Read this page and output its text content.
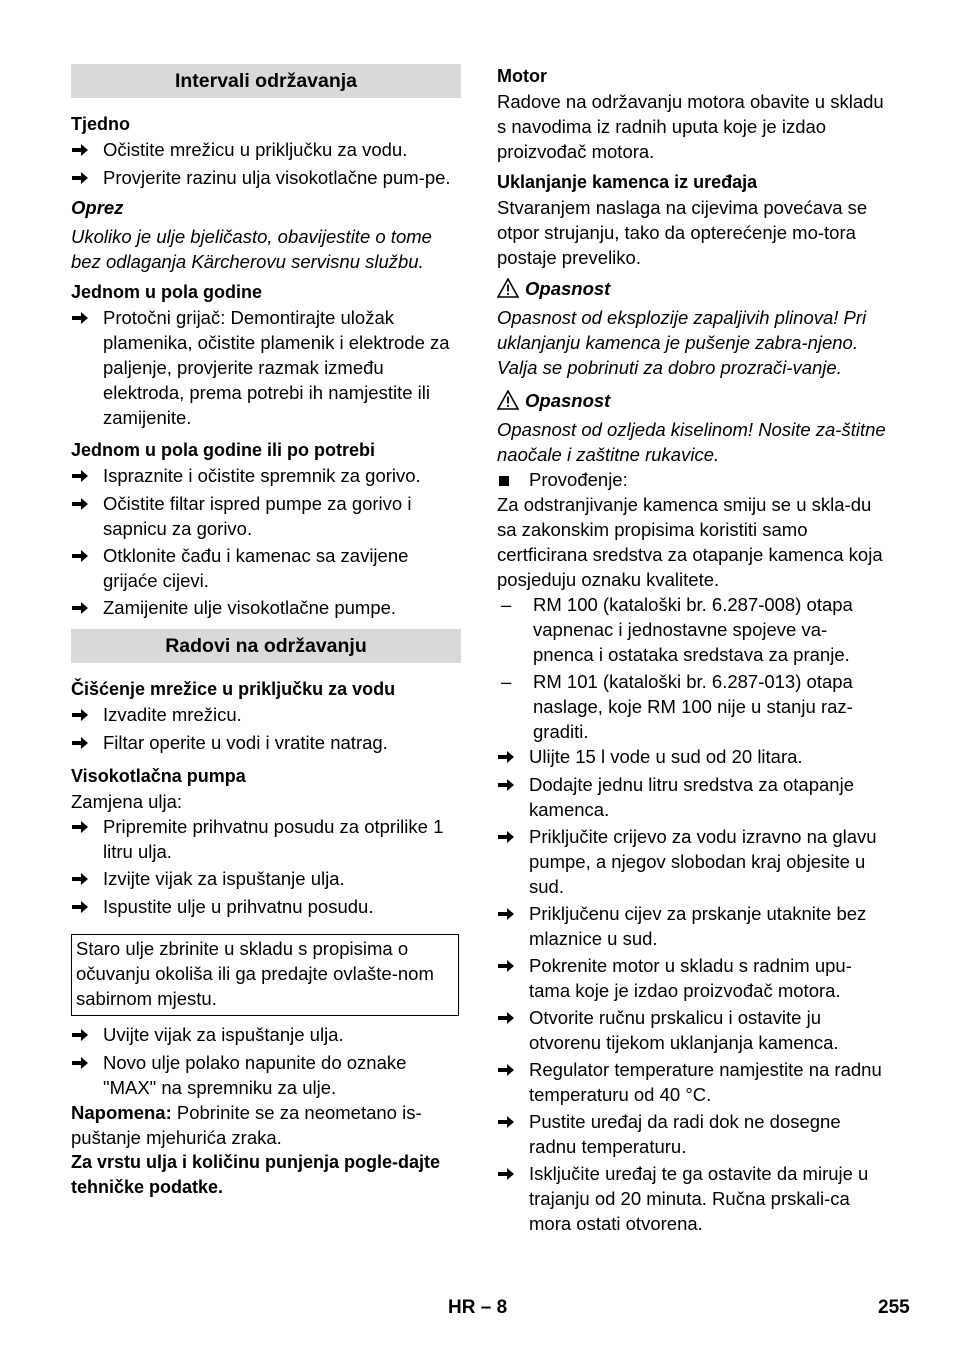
Intervali održavanja
Tjedno
Očistite mrežicu u priključku za vodu.
Provjerite razinu ulja visokotlačne pum-pe.

Oprez

Ukoliko je ulje bjeličasto, obavijestite o tome bez odlaganja Kärcherovu servisnu službu.

Jednom u pola godine
Protočni grijač: Demontirajte uložak plamenika, očistite plamenik i elektrode za paljenje, provjerite razmak između elektroda, prema potrebi ih namjestite ili zamijenite.
Jednom u pola godine ili po potrebi
Ispraznite i očistite spremnik za gorivo.
Očistite filtar ispred pumpe za gorivo i sapnicu za gorivo.
Otklonite čađu i kamenac sa zavijene grijaće cijevi.
Zamijenite ulje visokotlačne pumpe.
Radovi na održavanju
Čišćenje mrežice u priključku za vodu
Izvadite mrežicu.
Filtar operite u vodi i vratite natrag.
Visokotlačna pumpa

Zamjena ulja:

Pripremite prihvatnu posudu za otprilike 1 litru ulja.
Izvijte vijak za ispuštanje ulja.
Ispustite ulje u prihvatnu posudu.

Staro ulje zbrinite u skladu s propisima o očuvanju okoliša ili ga predajte ovlašte-nom sabirnom mjestu.

Uvijte vijak za ispuštanje ulja.
Novo ulje polako napunite do oznake "MAX" na spremniku za ulje.

Napomena: Pobrinite se za neometano is-puštanje mjehurića zraka.

Za vrstu ulja i količinu punjenja pogle-dajte tehničke podatke.

Motor

Radove na održavanju motora obavite u skladu s navodima iz radnih uputa koje je izdao proizvođač motora.

Uklanjanje kamenca iz uređaja

Stvaranjem naslaga na cijevima povećava se otpor strujanju, tako da opterećenje mo-tora postaje preveliko.

Opasnost

Opasnost od eksplozije zapaljivih plinova! Pri uklanjanju kamenca je pušenje zabra-njeno. Valja se pobrinuti za dobro prozrači-vanje.

Opasnost

Opasnost od ozljeda kiselinom! Nosite za-štitne naočale i zaštitne rukavice.

Provođenje:

Za odstranjivanje kamenca smiju se u skla-du sa zakonskim propisima koristiti samo certficirana sredstva za otapanje kamenca koja posjeduju oznaku kvalitete.

–	RM 100 (kataloški br. 6.287-008) otapa vapnenac i jednostavne spojeve va-pnenca i ostataka sredstava za pranje.
–	RM 101 (kataloški br. 6.287-013) otapa naslage, koje RM 100 nije u stanju raz-graditi.
Ulijte 15 l vode u sud od 20 litara.
Dodajte jednu litru sredstva za otapanje kamenca.
Priključite crijevo za vodu izravno na glavu pumpe, a njegov slobodan kraj objesite u sud.
Priključenu cijev za prskanje utaknite bez mlaznice u sud.
Pokrenite motor u skladu s radnim upu-tama koje je izdao proizvođač motora.
Otvorite ručnu prskalicu i ostavite ju otvorenu tijekom uklanjanja kamenca.
Regulator temperature namjestite na radnu temperaturu od 40 °C.
Pustite uređaj da radi dok ne dosegne radnu temperaturu.
Isključite uređaj te ga ostavite da miruje u trajanju od 20 minuta. Ručna prskali-ca mora ostati otvorena.
HR – 8	255
